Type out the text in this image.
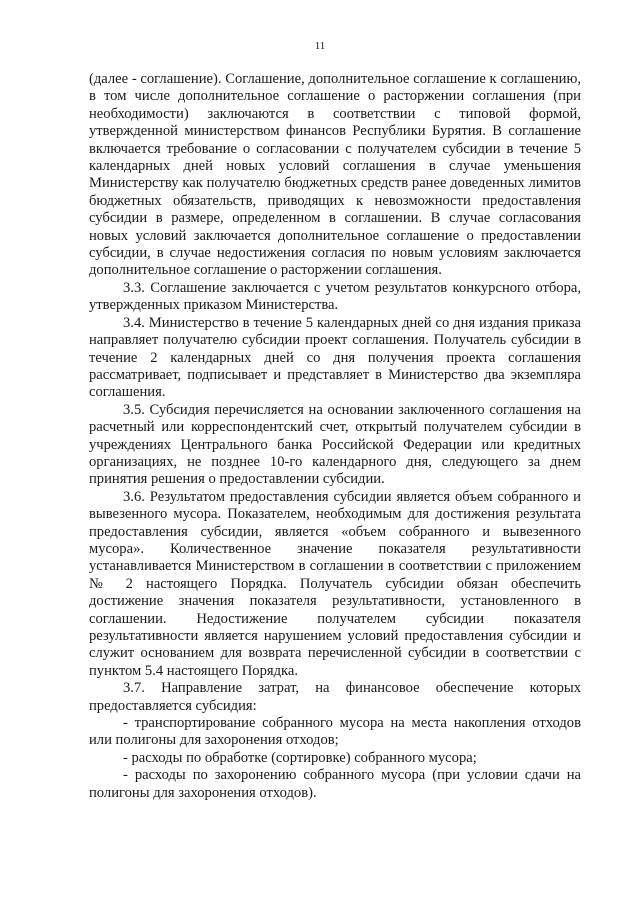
11

(далее - соглашение). Соглашение, дополнительное соглашение к соглашению, в том числе дополнительное соглашение о расторжении соглашения (при необходимости) заключаются в соответствии с типовой формой, утвержденной министерством финансов Республики Бурятия. В соглашение включается требование о согласовании с получателем субсидии в течение 5 календарных дней новых условий соглашения в случае уменьшения Министерству как получателю бюджетных средств ранее доведенных лимитов бюджетных обязательств, приводящих к невозможности предоставления субсидии в размере, определенном в соглашении. В случае согласования новых условий заключается дополнительное соглашение о предоставлении субсидии, в случае недостижения согласия по новым условиям заключается дополнительное соглашение о расторжении соглашения.

3.3. Соглашение заключается с учетом результатов конкурсного отбора, утвержденных приказом Министерства.

3.4. Министерство в течение 5 календарных дней со дня издания приказа направляет получателю субсидии проект соглашения. Получатель субсидии в течение 2 календарных дней со дня получения проекта соглашения рассматривает, подписывает и представляет в Министерство два экземпляра соглашения.

3.5. Субсидия перечисляется на основании заключенного соглашения на расчетный или корреспондентский счет, открытый получателем субсидии в учреждениях Центрального банка Российской Федерации или кредитных организациях, не позднее 10-го календарного дня, следующего за днем принятия решения о предоставлении субсидии.

3.6. Результатом предоставления субсидии является объем собранного и вывезенного мусора. Показателем, необходимым для достижения результата предоставления субсидии, является «объем собранного и вывезенного мусора». Количественное значение показателя результативности устанавливается Министерством в соглашении в соответствии с приложением № 2 настоящего Порядка. Получатель субсидии обязан обеспечить достижение значения показателя результативности, установленного в соглашении. Недостижение получателем субсидии показателя результативности является нарушением условий предоставления субсидии и служит основанием для возврата перечисленной субсидии в соответствии с пунктом 5.4 настоящего Порядка.

3.7. Направление затрат, на финансовое обеспечение которых предоставляется субсидия:

- транспортирование собранного мусора на места накопления отходов или полигоны для захоронения отходов;

- расходы по обработке (сортировке) собранного мусора;

- расходы по захоронению собранного мусора (при условии сдачи на полигоны для захоронения отходов).
